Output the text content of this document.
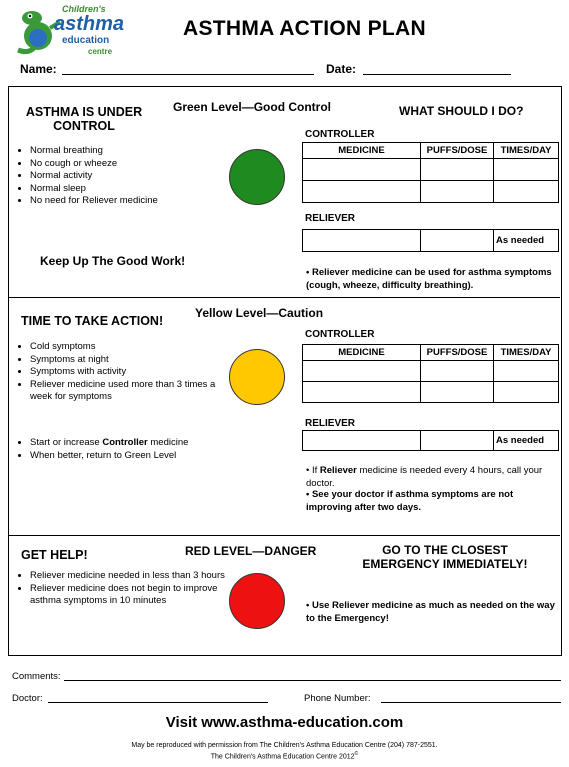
Children's
asthma
education
centre
ASTHMA ACTION PLAN
Name:	Date:
ASTHMA IS UNDER CONTROL
Green Level—Good Control	WHAT SHOULD I DO?
• Normal breathing
• No cough or wheeze
• Normal activity
• Normal sleep
• No need for Reliever medicine
Keep Up The Good Work!
CONTROLLER
MEDICINE	PUFFS/DOSE	TIMES/DAY

RELIEVER
		As needed
• Reliever medicine can be used for asthma symptoms (cough, wheeze, difficulty breathing).
TIME TO TAKE ACTION!
Yellow Level—Caution
• Cold symptoms
• Symptoms at night
• Symptoms with activity
• Reliever medicine used more than 3 times a week for symptoms
• Start or increase Controller medicine
• When better, return to Green Level
CONTROLLER
MEDICINE	PUFFS/DOSE	TIMES/DAY

RELIEVER
		As needed
• If Reliever medicine is needed every 4 hours, call your doctor.
• See your doctor if asthma symptoms are not improving after two days.
GET HELP!	RED LEVEL—DANGER	GO TO THE CLOSEST EMERGENCY IMMEDIATELY!
• Reliever medicine needed in less than 3 hours
• Reliever medicine does not begin to improve asthma symptoms in 10 minutes	• Use Reliever medicine as much as needed on the way to the Emergency!
Comments:
Doctor:	Phone Number:
Visit www.asthma-education.com
May be reproduced with permission from The Children's Asthma Education Centre (204) 787-2551.
The Children's Asthma Education Centre 2012©
